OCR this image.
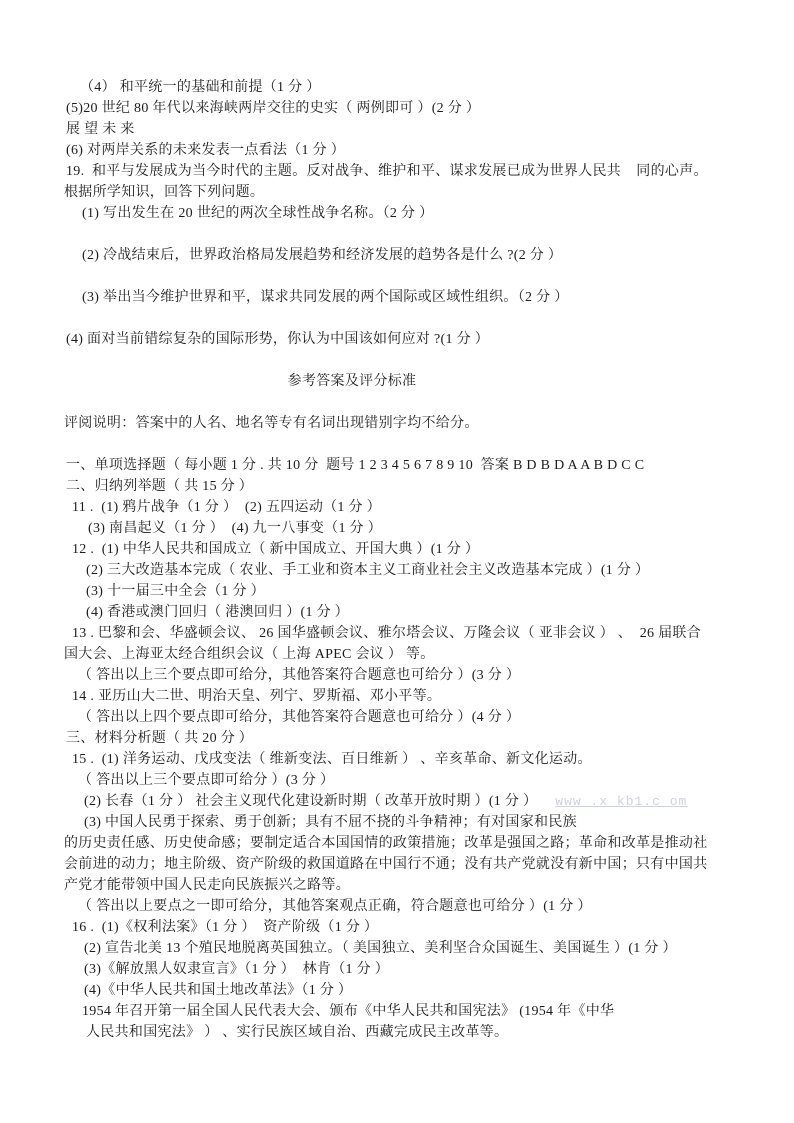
（4） 和平统一的基础和前提（1 分 ）
(5)20 世纪 80 年代以来海峡两岸交往的史实（ 两例即可 ）(2 分 ）
展 望 未 来
(6) 对两岸关系的未来发表一点看法（1 分 ）
19.  和平与发展成为当今时代的主题。反对战争、维护和平、谋求发展已成为世界人民共    同的心声。
根据所学知识，回答下列问题。
(1) 写出发生在 20 世纪的两次全球性战争名称。（2 分 ）
(2) 冷战结束后，世界政治格局发展趋势和经济发展的趋势各是什么 ?(2 分 ）
(3) 举出当今维护世界和平，谋求共同发展的两个国际或区域性组织。（2 分 ）
(4) 面对当前错综复杂的国际形势，你认为中国该如何应对 ?(1 分 ）
参考答案及评分标准
评阅说明：答案中的人名、地名等专有名词出现错别字均不给分。
一、单项选择题（ 每小题 1 分 . 共 10 分  题号 1 2 3 4 5 6 7 8 9 10  答案 B D B D A A B D C C
二、归纳列举题（ 共 15 分 ）
11 .  (1) 鸦片战争（1 分 ）  (2) 五四运动（1 分 ）
(3) 南昌起义（1 分 ）  (4) 九一八事变（1 分 ）
12 .  (1) 中华人民共和国成立（ 新中国成立、开国大典 ）(1 分 ）
(2) 三大改造基本完成（ 农业、手工业和资本主义工商业社会主义改造基本完成 ）(1 分 ）
(3) 十一届三中全会（1 分 ）
(4) 香港或澳门回归（ 港澳回归 ）(1 分 ）
13 . 巴黎和会、华盛顿会议、 26 国华盛顿会议、雅尔塔会议、万隆会议（ 亚非会议 ） 、  26 届联合
国大会、上海亚太经合组织会议（ 上海 APEC 会议 ） 等。
（ 答出以上三个要点即可给分，其他答案符合题意也可给分 ）(3 分 ）
14 . 亚历山大二世、明治天皇、列宁、罗斯福、邓小平等。
（ 答出以上四个要点即可给分，其他答案符合题意也可给分 ）(4 分 ）
三、材料分析题（ 共 20 分 ）
15 .  (1) 洋务运动、戊戌变法（ 维新变法、百日维新 ） 、辛亥革命、新文化运动。
（ 答出以上三个要点即可给分 ）(3 分 ）
(2) 长春（1 分 ） 社会主义现代化建设新时期（ 改革开放时期 ）(1 分 ） www .x kb1.c om
(3) 中国人民勇于探索、勇于创新；具有不屈不挠的斗争精神；有对国家和民族
的历史责任感、历史使命感；要制定适合本国国情的政策措施；改革是强国之路；革命和改革是推动社
会前进的动力；地主阶级、资产阶级的救国道路在中国行不通；没有共产党就没有新中国；只有中国共
产党才能带领中国人民走向民族振兴之路等。
（ 答出以上要点之一即可给分，其他答案观点正确，符合题意也可给分 ）(1 分 ）
16 .  (1)《权利法案》（1 分 ）  资产阶级（1 分 ）
(2) 宣告北美 13 个殖民地脱离英国独立。（ 美国独立、美利坚合众国诞生、美国诞生 ）(1 分 ）
(3)《解放黑人奴隶宣言》（1 分 ）  林肯（1 分 ）
(4)《中华人民共和国土地改革法》（1 分 ）
1954 年召开第一届全国人民代表大会、颁布《中华人民共和国宪法》 (1954 年《中华
人民共和国宪法》 ） 、实行民族区域自治、西藏完成民主改革等。
